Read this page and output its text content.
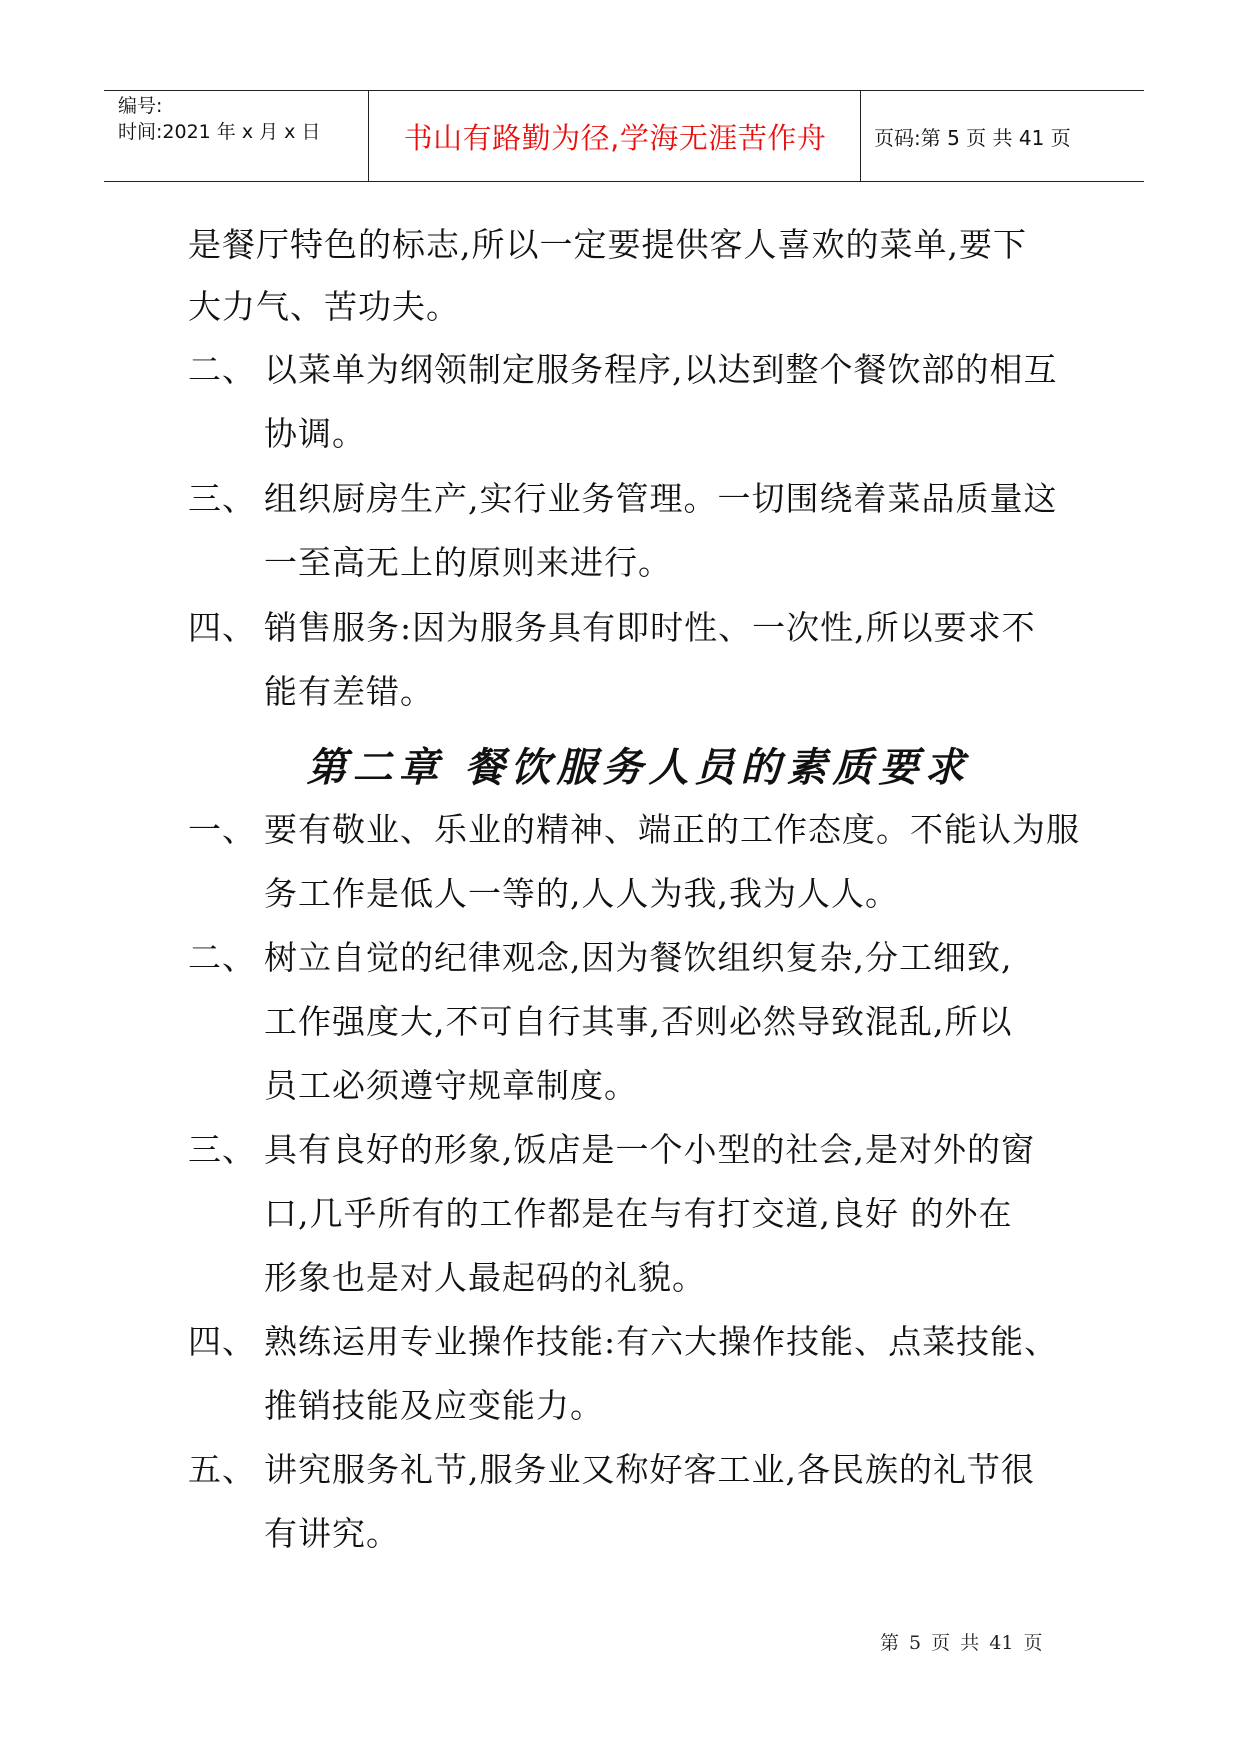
编号:
时间:2021 年 x 月 x 日	书山有路勤为径,学海无涯苦作舟	页码:第 5 页 共 41 页
是餐厅特色的标志,所以一定要提供客人喜欢的菜单,要下
大力气、苦功夫。
二、 以菜单为纲领制定服务程序,以达到整个餐饮部的相互
协调。
三、 组织厨房生产,实行业务管理。一切围绕着菜品质量这
一至高无上的原则来进行。
四、 销售服务:因为服务具有即时性、一次性,所以要求不
能有差错。
第二章 餐饮服务人员的素质要求
一、 要有敬业、乐业的精神、端正的工作态度。不能认为服
务工作是低人一等的,人人为我,我为人人。
二、 树立自觉的纪律观念,因为餐饮组织复杂,分工细致,
工作强度大,不可自行其事,否则必然导致混乱,所以
员工必须遵守规章制度。
三、 具有良好的形象,饭店是一个小型的社会,是对外的窗
口,几乎所有的工作都是在与有打交道,良好 的外在
形象也是对人最起码的礼貌。
四、 熟练运用专业操作技能:有六大操作技能、点菜技能、
推销技能及应变能力。
五、 讲究服务礼节,服务业又称好客工业,各民族的礼节很
有讲究。
第 5 页 共 41 页
